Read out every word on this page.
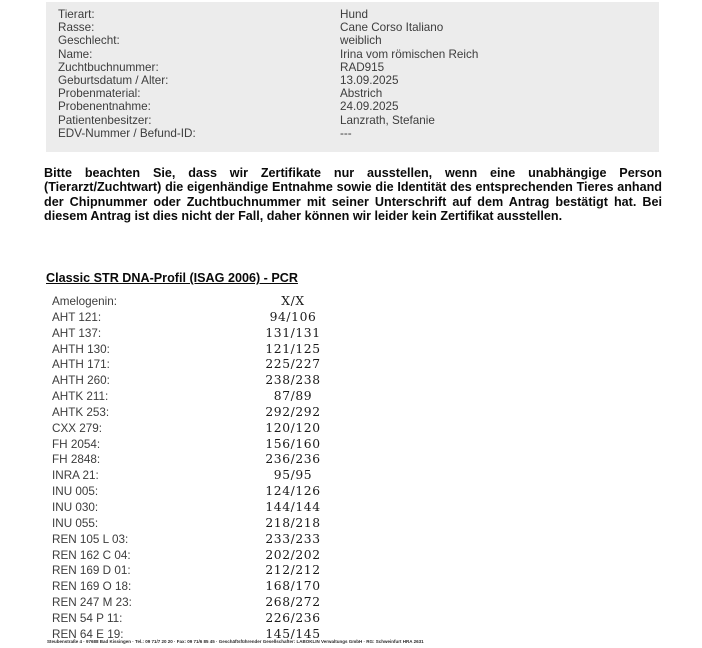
Tierart:	Hund
Rasse:	Cane Corso Italiano
Geschlecht:	weiblich
Name:	Irina vom römischen Reich
Zuchtbuchnummer:	RAD915
Geburtsdatum / Alter:	13.09.2025
Probenmaterial:	Abstrich
Probenentnahme:	24.09.2025
Patientenbesitzer:	Lanzrath, Stefanie
EDV-Nummer / Befund-ID:	---
Bitte beachten Sie, dass wir Zertifikate nur ausstellen, wenn eine unabhängige Person (Tierarzt/Zuchtwart) die eigenhändige Entnahme sowie die Identität des entsprechenden Tieres anhand der Chipnummer oder Zuchtbuchnummer mit seiner Unterschrift auf dem Antrag bestätigt hat. Bei diesem Antrag ist dies nicht der Fall, daher können wir leider kein Zertifikat ausstellen.
Classic STR DNA-Profil (ISAG 2006) - PCR
Amelogenin:	X/X
AHT 121:	94/106
AHT 137:	131/131
AHTH 130:	121/125
AHTH 171:	225/227
AHTH 260:	238/238
AHTK 211:	87/89
AHTK 253:	292/292
CXX 279:	120/120
FH 2054:	156/160
FH 2848:	236/236
INRA 21:	95/95
INU 005:	124/126
INU 030:	144/144
INU 055:	218/218
REN 105 L 03:	233/233
REN 162 C 04:	202/202
REN 169 D 01:	212/212
REN 169 O 18:	168/170
REN 247 M 23:	268/272
REN 54 P 11:	226/236
REN 64 E 19:	145/145
Steubenstraße 4 · 97688 Bad Kissingen · Tel.: 09 71/7 20 20 · Fax: 09 71/6 85 45 · Geschäftsführender Gesellschafter: LABOKLIN Verwaltungs GmbH · RG: Schweinfurt HRA 2631
